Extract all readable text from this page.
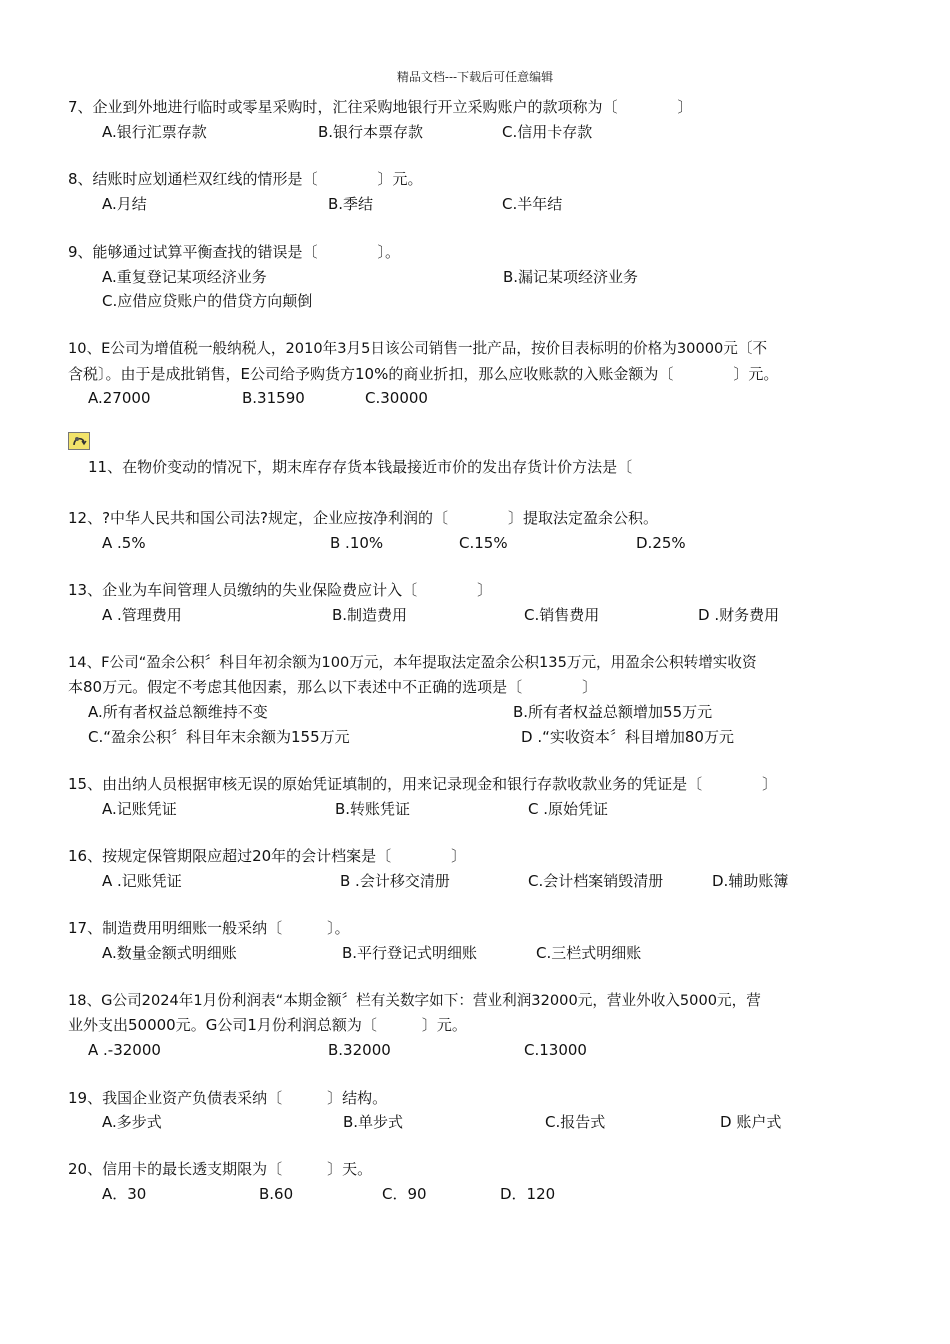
精品文档---下载后可任意编辑
7、企业到外地进行临时或零星采购时，汇往采购地银行开立采购账户的款项称为〔　　　　〕
A.银行汇票存款	B.银行本票存款	C.信用卡存款
8、结账时应划通栏双红线的情形是〔　　　　〕元。
A.月结	B.季结	C.半年结
9、能够通过试算平衡查找的错误是〔　　　　〕。
A.重复登记某项经济业务	B.漏记某项经济业务
C.应借应贷账户的借贷方向颠倒
10、E公司为增值税一般纳税人，2010年3月5日该公司销售一批产品，按价目表标明的价格为30000元〔不
含税〕。由于是成批销售，E公司给予购货方10%的商业折扣，那么应收账款的入账金额为〔　　　　〕元。
A.27000	B.31590	C.30000
11、在物价变动的情况下，期末库存存货本钱最接近市价的发出存货计价方法是〔
12、?中华人民共和国公司法?规定，企业应按净利润的〔　　　　〕提取法定盈余公积。
A .5%	B .10%	C.15%	D.25%
13、企业为车间管理人员缴纳的失业保险费应计入〔　　　　〕
A .管理费用	B.制造费用	C.销售费用	D .财务费用
14、F公司“盈余公积〞科目年初余额为100万元，本年提取法定盈余公积135万元，用盈余公积转增实收资
本80万元。假定不考虑其他因素，那么以下表述中不正确的选项是〔　　　　〕
A.所有者权益总额维持不变	B.所有者权益总额增加55万元
C.“盈余公积〞科目年末余额为155万元	D .“实收资本〞科目增加80万元
15、由出纳人员根据审核无误的原始凭证填制的，用来记录现金和银行存款收款业务的凭证是〔　　　　〕
A.记账凭证	B.转账凭证	C .原始凭证
16、按规定保管期限应超过20年的会计档案是〔　　　　〕
A .记账凭证	B .会计移交清册	C.会计档案销毁清册	D.辅助账簿
17、制造费用明细账一般采纳〔　　　〕。
A.数量金额式明细账	B.平行登记式明细账	C.三栏式明细账
18、G公司2024年1月份利润表“本期金额〞栏有关数字如下：营业利润32000元，营业外收入5000元，营
业外支出50000元。G公司1月份利润总额为〔　　　〕元。
A .-32000	B.32000	C.13000
19、我国企业资产负债表采纳〔　　　〕结构。
A.多步式	B.单步式	C.报告式	D 账户式
20、信用卡的最长透支期限为〔　　　〕天。
A．30	B.60	C．90	D．120
